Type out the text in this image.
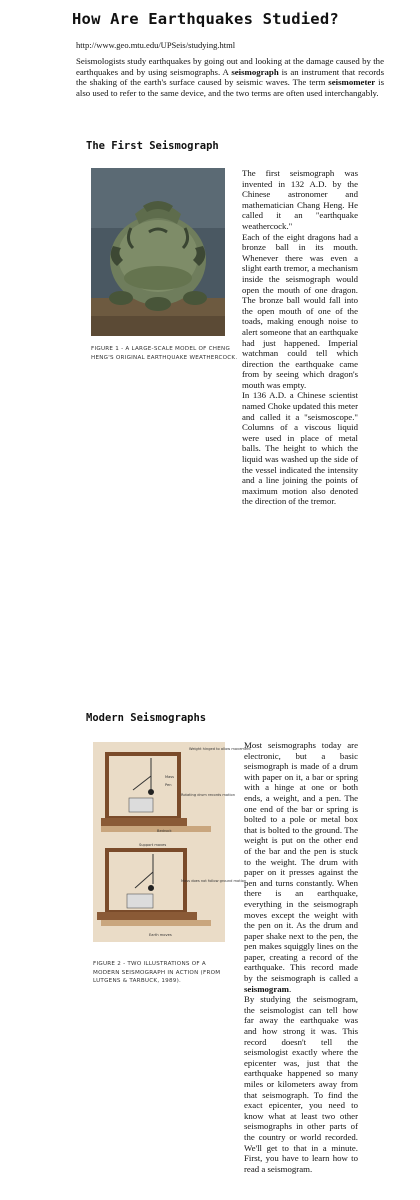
How Are Earthquakes Studied?
http://www.geo.mtu.edu/UPSeis/studying.html

Seismologists study earthquakes by going out and looking at the damage caused by the earthquakes and by using seismographs. A seismograph is an instrument that records the shaking of the earth's surface caused by seismic waves. The term seismometer is also used to refer to the same device, and the two terms are often used interchangably.

The First Seismograph

FIGURE 1 - A LARGE-SCALE MODEL OF CHENG HENG'S ORIGINAL EARTHQUAKE WEATHERCOCK.

The first seismograph was invented in 132 A.D. by the Chinese astronomer and mathematician Chang Heng. He called it an "earthquake weathercock."

Each of the eight dragons had a bronze ball in its mouth. Whenever there was even a slight earth tremor, a mechanism inside the seismograph would open the mouth of one dragon. The bronze ball would fall into the open mouth of one of the toads, making enough noise to alert someone that an earthquake had just happened. Imperial watchman could tell which direction the earthquake came from by seeing which dragon's mouth was empty.

In 136 A.D. a Chinese scientist named Choke updated this meter and called it a "seismoscope." Columns of a viscous liquid were used in place of metal balls. The height to which the liquid was washed up the side of the vessel indicated the intensity and a line joining the points of maximum motion also denoted the direction of the tremor.

Modern Seismographs
Weight hinged to allow movement
Mass
Pen
Rotating drum records motion
Bedrock
Support moves
Mass does not follow ground motion
Earth moves

FIGURE 2 - TWO ILLUSTRATIONS OF A MODERN SEISMOGRAPH IN ACTION (FROM LUTGENS & TARBUCK, 1989).

Most seismographs today are electronic, but a basic seismograph is made of a drum with paper on it, a bar or spring with a hinge at one or both ends, a weight, and a pen. The one end of the bar or spring is bolted to a pole or metal box that is bolted to the ground. The weight is put on the other end of the bar and the pen is stuck to the weight. The drum with paper on it presses against the pen and turns constantly. When there is an earthquake, everything in the seismograph moves except the weight with the pen on it. As the drum and paper shake next to the pen, the pen makes squiggly lines on the paper, creating a record of the earthquake. This record made by the seismograph is called a seismogram.

By studying the seismogram, the seismologist can tell how far away the earthquake was and how strong it was. This record doesn't tell the seismologist exactly where the epicenter was, just that the earthquake happened so many miles or kilometers away from that seismograph. To find the exact epicenter, you need to know what at least two other seismographs in other parts of the country or world recorded. We'll get to that in a minute. First, you have to learn how to read a seismogram.
